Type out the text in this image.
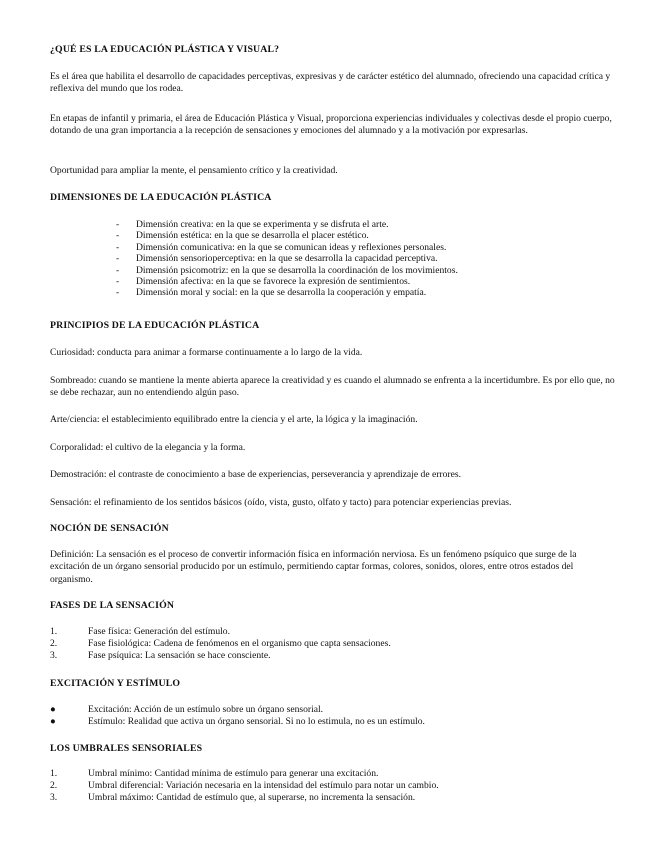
¿QUÉ ES LA EDUCACIÓN PLÁSTICA Y VISUAL?

Es el área que habilita el desarrollo de capacidades perceptivas, expresivas y de carácter estético del alumnado, ofreciendo una capacidad crítica y reflexiva del mundo que los rodea.

En etapas de infantil y primaria, el área de Educación Plástica y Visual, proporciona experiencias individuales y colectivas desde el propio cuerpo, dotando de una gran importancia a la recepción de sensaciones y emociones del alumnado y a la motivación por expresarlas.

Oportunidad para ampliar la mente, el pensamiento crítico y la creatividad.

DIMENSIONES DE LA EDUCACIÓN PLÁSTICA

- Dimensión creativa: en la que se experimenta y se disfruta el arte.
- Dimensión estética: en la que se desarrolla el placer estético.
- Dimensión comunicativa: en la que se comunican ideas y reflexiones personales.
- Dimensión sensorioperceptiva: en la que se desarrolla la capacidad perceptiva.
- Dimensión psicomotriz: en la que se desarrolla la coordinación de los movimientos.
- Dimensión afectiva: en la que se favorece la expresión de sentimientos.
- Dimensión moral y social: en la que se desarrolla la cooperación y empatía.

PRINCIPIOS DE LA EDUCACIÓN PLÁSTICA

Curiosidad: conducta para animar a formarse continuamente a lo largo de la vida.

Sombreado: cuando se mantiene la mente abierta aparece la creatividad y es cuando el alumnado se enfrenta a la incertidumbre. Es por ello que, no se debe rechazar, aun no entendiendo algún paso.

Arte/ciencia: el establecimiento equilibrado entre la ciencia y el arte, la lógica y la imaginación.

Corporalidad: el cultivo de la elegancia y la forma.

Demostración: el contraste de conocimiento a base de experiencias, perseverancia y aprendizaje de errores.

Sensación: el refinamiento de los sentidos básicos (oído, vista, gusto, olfato y tacto) para potenciar experiencias previas.

NOCIÓN DE SENSACIÓN

Definición: La sensación es el proceso de convertir información física en información nerviosa. Es un fenómeno psíquico que surge de la excitación de un órgano sensorial producido por un estímulo, permitiendo captar formas, colores, sonidos, olores, entre otros estados del organismo.

FASES DE LA SENSACIÓN

1.	Fase física: Generación del estímulo.
2.	Fase fisiológica: Cadena de fenómenos en el organismo que capta sensaciones.
3.	Fase psíquica: La sensación se hace consciente.

EXCITACIÓN Y ESTÍMULO

●	Excitación: Acción de un estímulo sobre un órgano sensorial.
●	Estímulo: Realidad que activa un órgano sensorial. Si no lo estimula, no es un estímulo.

LOS UMBRALES SENSORIALES

1.	Umbral mínimo: Cantidad mínima de estímulo para generar una excitación.
2.	Umbral diferencial: Variación necesaria en la intensidad del estímulo para notar un cambio.
3.	Umbral máximo: Cantidad de estímulo que, al superarse, no incrementa la sensación.
